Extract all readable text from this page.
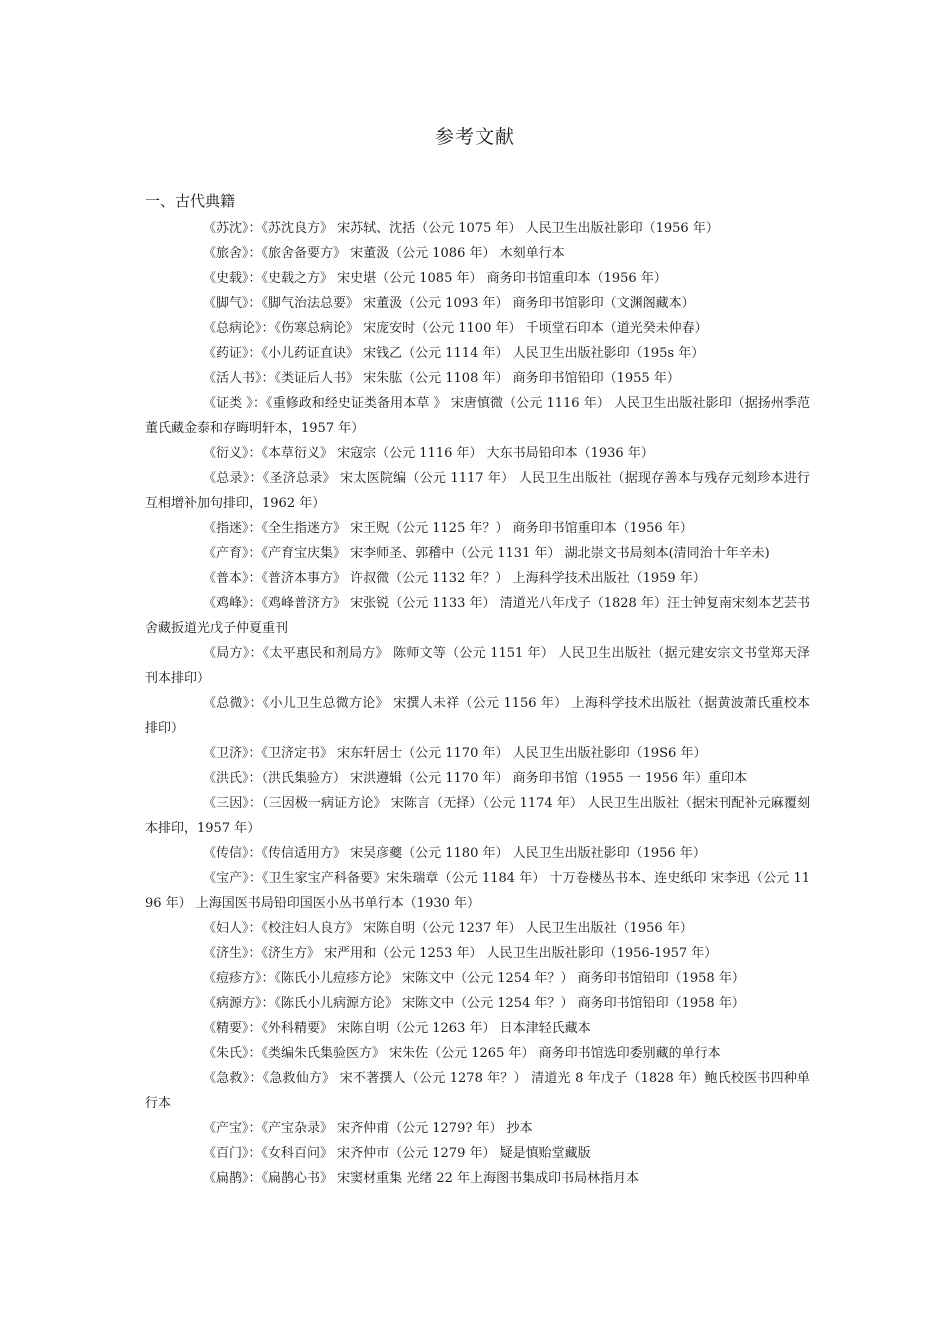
参考文献
一、古代典籍

《苏沈》：《苏沈良方》 宋苏轼、沈括（公元 1075 年） 人民卫生出版社影印（1956 年）

《旅舍》：《旅舍备要方》 宋董汲（公元 1086 年） 木刻单行本

《史载》：《史载之方》 宋史堪（公元 1085 年） 商务印书馆重印本（1956 年）

《脚气》：《脚气治法总要》 宋董汲（公元 1093 年） 商务印书馆影印（文渊阁藏本）

《总病论》：《伤寒总病论》 宋庞安时（公元 1100 年） 千顷堂石印本（道光癸未仲春）

《药证》：《小儿药证直诀》 宋钱乙（公元 1114 年） 人民卫生出版社影印（195s 年）

《活人书》：《类证后人书》 宋朱肱（公元 1108 年） 商务印书馆铅印（1955 年）

《证类 》：《重修政和经史证类备用本草 》 宋唐慎微（公元 1116 年） 人民卫生出版社影印（据扬州季范董氏藏金泰和存晦明轩本，1957 年）

《衍义》：《本草衍义》 宋寇宗（公元 1116 年） 大东书局铅印本（1936 年）

《总录》：《圣济总录》 宋太医院编（公元 1117 年） 人民卫生出版社（据现存善本与残存元刻珍本进行互相增补加句排印，1962 年）

《指迷》：《全生指迷方》 宋王贶（公元 1125 年？） 商务印书馆重印本（1956 年）

《产育》：《产育宝庆集》 宋李师圣、郭稽中（公元 1131 年） 湖北崇文书局刻本(清同治十年辛未)

《普本》：《普济本事方》 许叔微（公元 1132 年？） 上海科学技术出版社（1959 年）

《鸡峰》：《鸡峰普济方》 宋张锐（公元 1133 年） 清道光八年戊子（1828 年）汪士钟复南宋刻本艺芸书舍藏扳道光戊子仲夏重刊

《局方》：《太平惠民和剂局方》 陈师文等（公元 1151 年） 人民卫生出版社（据元建安宗文书堂郑天泽刊本排印）

《总微》：《小儿卫生总微方论》 宋撰人未祥（公元 1156 年） 上海科学技术出版社（据黄波萧氏重校本排印）

《卫济》：《卫济定书》 宋东轩居士（公元 1170 年） 人民卫生出版社影印（19S6 年）

《洪氏》：（洪氏集验方） 宋洪遵辑（公元 1170 年） 商务印书馆（1955 一 1956 年）重印本

《三因》：（三因极一病证方论》 宋陈言（无择）（公元 1174 年） 人民卫生出版社（据宋刊配补元麻覆刻本排印，1957 年）

《传信》：《传信适用方》 宋吴彦夔（公元 1180 年） 人民卫生出版社影印（1956 年）

《宝产》：《卫生家宝产科备要》宋朱瑞章（公元 1184 年） 十万卷楼丛书本、连史纸印 宋李迅（公元 1196 年） 上海国医书局铅印国医小丛书单行本（1930 年）

《妇人》：《校注妇人良方》 宋陈自明（公元 1237 年） 人民卫生出版社（1956 年）

《济生》：《济生方》 宋严用和（公元 1253 年） 人民卫生出版社影印（1956-1957 年）

《痘疹方》：《陈氏小儿痘疹方论》 宋陈文中（公元 1254 年？） 商务印书馆铅印（1958 年）

《病源方》：《陈氏小儿病源方论》 宋陈文中（公元 1254 年？） 商务印书馆铅印（1958 年）

《精要》：《外科精要》 宋陈自明（公元 1263 年） 日本津轻氏藏本

《朱氏》：《类编朱氏集验医方》 宋朱佐（公元 1265 年） 商务印书馆选印委别藏的单行本

《急救》：《急救仙方》 宋不著撰人（公元 1278 年？） 清道光 8 年戊子（1828 年）鲍氏校医书四种单行本

《产宝》：《产宝杂录》 宋齐仲甫（公元 1279? 年） 抄本

《百门》：《女科百问》 宋齐仲市（公元 1279 年） 疑是慎贻堂藏版

《扁鹊》：《扁鹊心书》 宋窦材重集 光绪 22 年上海图书集成印书局林指月本
